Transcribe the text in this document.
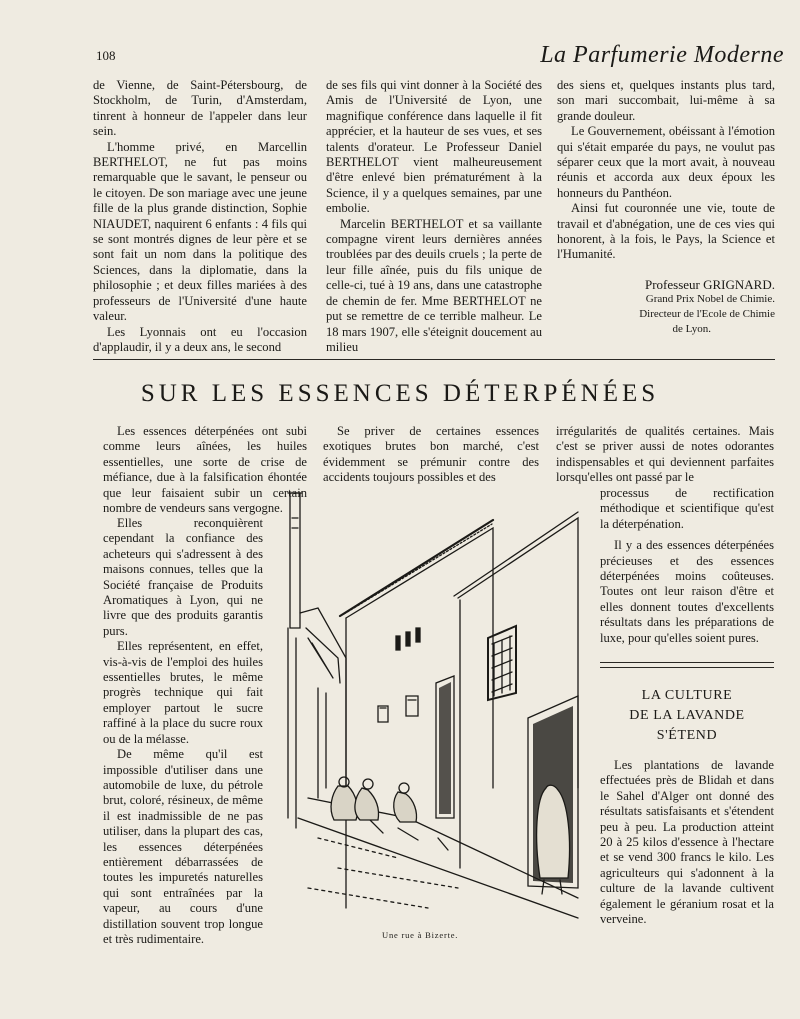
108	La Parfumerie Moderne

de Vienne, de Saint-Pétersbourg, de Stockholm, de Turin, d'Amsterdam, tinrent à honneur de l'appeler dans leur sein.

L'homme privé, en Marcellin BERTHELOT, ne fut pas moins remarquable que le savant, le penseur ou le citoyen. De son mariage avec une jeune fille de la plus grande distinction, Sophie NIAUDET, naquirent 6 enfants : 4 fils qui se sont montrés dignes de leur père et se sont fait un nom dans la politique des Sciences, dans la diplomatie, dans la philosophie ; et deux filles mariées à des professeurs de l'Université d'une haute valeur.

Les Lyonnais ont eu l'occasion d'applaudir, il y a deux ans, le second

de ses fils qui vint donner à la Société des Amis de l'Université de Lyon, une magnifique conférence dans laquelle il fit apprécier, et la hauteur de ses vues, et ses talents d'orateur. Le Professeur Daniel BERTHELOT vient malheureusement d'être enlevé bien prématurément à la Science, il y a quelques semaines, par une embolie.

Marcelin BERTHELOT et sa vaillante compagne virent leurs dernières années troublées par des deuils cruels ; la perte de leur fille aînée, puis du fils unique de celle-ci, tué à 19 ans, dans une catastrophe de chemin de fer. Mme BERTHELOT ne put se remettre de ce terrible malheur. Le 18 mars 1907, elle s'éteignit doucement au milieu

des siens et, quelques instants plus tard, son mari succombait, lui-même à sa grande douleur.

Le Gouvernement, obéissant à l'émotion qui s'était emparée du pays, ne voulut pas séparer ceux que la mort avait, à nouveau réunis et accorda aux deux époux les honneurs du Panthéon.

Ainsi fut couronnée une vie, toute de travail et d'abnégation, une de ces vies qui honorent, à la fois, le Pays, la Science et l'Humanité.

Professeur GRIGNARD.
Grand Prix Nobel de Chimie.
Directeur de l'Ecole de Chimie
de Lyon.
SUR LES ESSENCES DÉTERPÉNÉES

Les essences déterpénées ont subi comme leurs aînées, les huiles essentielles, une sorte de crise de méfiance, due à la falsification éhontée que leur faisaient subir un certain nombre de vendeurs sans vergogne.

Elles reconquièrent cependant la confiance des acheteurs qui s'adressent à des maisons connues, telles que la Société française de Produits Aromatiques à Lyon, qui ne livre que des produits garantis purs.

Elles représentent, en effet, vis-à-vis de l'emploi des huiles essentielles brutes, le même progrès technique qui fait employer partout le sucre raffiné à la place du sucre roux ou de la mélasse.

De même qu'il est impossible d'utiliser dans une automobile de luxe, du pétrole brut, coloré, résineux, de même il est inadmissible de ne pas utiliser, dans la plupart des cas, les essences déterpénées entièrement débarrassées de toutes les impuretés naturelles qui sont entraînées par la vapeur, au cours d'une distillation souvent trop longue et très rudimentaire.

Se priver de certaines essences exotiques brutes bon marché, c'est évidemment se prémunir contre des accidents toujours possibles et des

irrégularités de qualités certaines. Mais c'est se priver aussi de notes odorantes indispensables et qui deviennent parfaites lorsqu'elles ont passé par le

processus de rectification méthodique et scientifique qu'est la déterpénation.

Il y a des essences déterpénées précieuses et des essences déterpénées moins coûteuses. Toutes ont leur raison d'être et elles donnent toutes d'excellents résultats dans les préparations de luxe, pour qu'elles soient pures.

Une rue à Bizerte.
LA CULTURE
DE LA LAVANDE
S'ÉTEND

Les plantations de lavande effectuées près de Blidah et dans le Sahel d'Alger ont donné des résultats satisfaisants et s'étendent peu à peu. La production atteint 20 à 25 kilos d'essence à l'hectare et se vend 300 francs le kilo. Les agriculteurs qui s'adonnent à la culture de la lavande cultivent également le géranium rosat et la verveine.
